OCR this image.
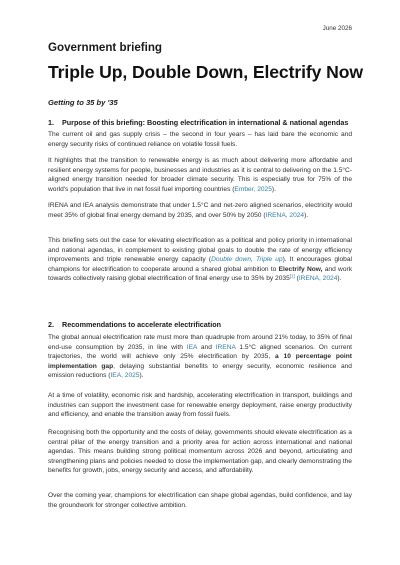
June 2026
Government briefing
Triple Up, Double Down, Electrify Now
Getting to 35 by '35
1. Purpose of this briefing: Boosting electrification in international & national agendas

The current oil and gas supply crisis – the second in four years – has laid bare the economic and energy security risks of continued reliance on volatile fossil fuels.

It highlights that the transition to renewable energy is as much about delivering more affordable and resilient energy systems for people, businesses and industries as it is central to delivering on the 1.5°C-aligned energy transition needed for broader climate security. This is especially true for 75% of the world's population that live in net fossil fuel importing countries (Ember, 2025).

IRENA and IEA analysis demonstrate that under 1.5°C and net-zero aligned scenarios, electricity would meet 35% of global final energy demand by 2035, and over 50% by 2050 (IRENA, 2024).

This briefing sets out the case for elevating electrification as a political and policy priority in international and national agendas, in complement to existing global goals to double the rate of energy efficiency improvements and triple renewable energy capacity (Double down, Triple up). It encourages global champions for electrification to cooperate around a shared global ambition to Electrify Now, and work towards collectively raising global electrification of final energy use to 35% by 2035[1] (IRENA, 2024).

2. Recommendations to accelerate electrification

The global annual electrification rate must more than quadruple from around 21% today, to 35% of final end-use consumption by 2035, in line with IEA and IRENA 1.5°C aligned scenarios. On current trajectories, the world will achieve only 25% electrification by 2035, a 10 percentage point implementation gap, delaying substantial benefits to energy security, economic resilience and emission reductions (IEA, 2025).

At a time of volatility, economic risk and hardship, accelerating electrification in transport, buildings and industries can support the investment case for renewable energy deployment, raise energy productivity and efficiency, and enable the transition away from fossil fuels.

Recognising both the opportunity and the costs of delay, governments should elevate electrification as a central pillar of the energy transition and a priority area for action across international and national agendas. This means building strong political momentum across 2026 and beyond, articulating and strengthening plans and policies needed to close the implementation gap, and clearly demonstrating the benefits for growth, jobs, energy security and access, and affordability.

Over the coming year, champions for electrification can shape global agendas, build confidence, and lay the groundwork for stronger collective ambition.
